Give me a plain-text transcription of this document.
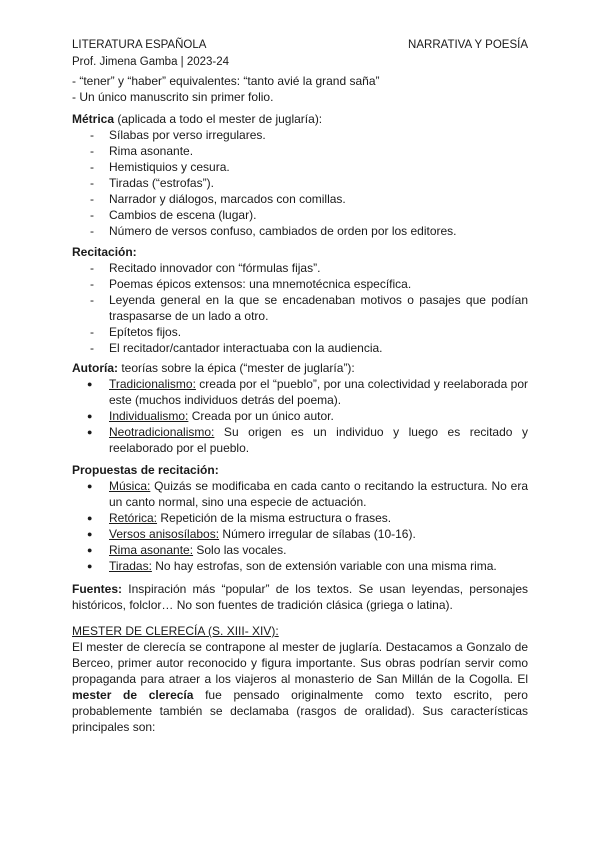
LITERATURA ESPAÑOLA	NARRATIVA Y POESÍA
Prof. Jimena Gamba | 2023-24

- “tener” y “haber” equivalentes: “tanto avié la grand saña”

- Un único manuscrito sin primer folio.

Métrica (aplicada a todo el mester de juglaría):

- Sílabas por verso irregulares.
- Rima asonante.
- Hemistiquios y cesura.
- Tiradas (“estrofas”).
- Narrador y diálogos, marcados con comillas.
- Cambios de escena (lugar).
- Número de versos confuso, cambiados de orden por los editores.

Recitación:

- Recitado innovador con “fórmulas fijas”.
- Poemas épicos extensos: una mnemotécnica específica.
- Leyenda general en la que se encadenaban motivos o pasajes que podían traspasarse de un lado a otro.
- Epítetos fijos.
- El recitador/cantador interactuaba con la audiencia.

Autoría: teorías sobre la épica (“mester de juglaría”):

● Tradicionalismo: creada por el “pueblo”, por una colectividad y reelaborada por este (muchos individuos detrás del poema).
● Individualismo: Creada por un único autor.
● Neotradicionalismo: Su origen es un individuo y luego es recitado y reelaborado por el pueblo.

Propuestas de recitación:

● Música: Quizás se modificaba en cada canto o recitando la estructura. No era un canto normal, sino una especie de actuación.
● Retórica: Repetición de la misma estructura o frases.
● Versos anisosílabos: Número irregular de sílabas (10-16).
● Rima asonante: Solo las vocales.
● Tiradas: No hay estrofas, son de extensión variable con una misma rima.

Fuentes: Inspiración más “popular” de los textos. Se usan leyendas, personajes históricos, folclor… No son fuentes de tradición clásica (griega o latina).

MESTER DE CLERECÍA (S. XIII- XIV):

El mester de clerecía se contrapone al mester de juglaría. Destacamos a Gonzalo de Berceo, primer autor reconocido y figura importante. Sus obras podrían servir como propaganda para atraer a los viajeros al monasterio de San Millán de la Cogolla. El mester de clerecía fue pensado originalmente como texto escrito, pero probablemente también se declamaba (rasgos de oralidad). Sus características principales son:
